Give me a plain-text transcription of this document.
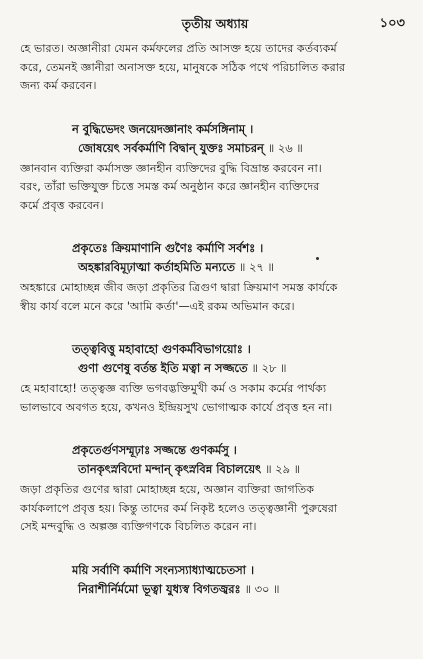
তৃতীয় অধ্যায়	১০৩
হে ভারত। অজ্ঞানীরা যেমন কর্মফলের প্রতি আসক্ত হয়ে তাদের কর্তব্যকর্ম
করে, তেমনই জ্ঞানীরা অনাসক্ত হয়ে, মানুষকে সঠিক পথে পরিচালিত করার
জন্য কর্ম করবেন।
ন বুদ্ধিভেদং জনয়েদজ্ঞানাং কর্মসঙ্গিনাম্ ।
জোষয়েৎ সর্বকর্মাণি বিদ্বান্ যুক্তঃ সমাচরন্ ॥ ২৬ ॥
জ্ঞানবান ব্যক্তিরা কর্মাসক্ত জ্ঞানহীন ব্যক্তিদের বুদ্ধি বিভ্রান্ত করবেন না।
বরং, তাঁরা ভক্তিযুক্ত চিত্তে সমস্ত কর্ম অনুষ্ঠান করে জ্ঞানহীন ব্যক্তিদের
কর্মে প্রবৃত্ত করবেন।
প্রকৃতেঃ ক্রিয়মাণানি গুণৈঃ কর্মাণি সর্বশঃ ।
অহঙ্কারবিমূঢ়াত্মা কর্তাহমিতি মন্যতে ॥ ২৭ ॥
অহঙ্কারে মোহাচ্ছন্ন জীব জড়া প্রকৃতির ত্রিগুণ দ্বারা ক্রিয়মাণ সমস্ত কার্যকে
স্বীয় কার্য বলে মনে করে 'আমি কর্তা'—এই রকম অভিমান করে।
তত্ত্ববিত্তু মহাবাহো গুণকর্মবিভাগয়োঃ ।
গুণা গুণেষু বর্তন্ত ইতি মত্বা ন সজ্জতে ॥ ২৮ ॥
হে মহাবাহো! তত্ত্বজ্ঞ ব্যক্তি ভগবদ্ভক্তিমুখী কর্ম ও সকাম কর্মের পার্থক্য
ভালভাবে অবগত হয়ে, কখনও ইন্দ্রিয়সুখ ভোগাত্মক কার্যে প্রবৃত্ত হন না।
প্রকৃতের্গুণসম্মূঢ়াঃ সজ্জন্তে গুণকর্মসু ।
তানকৃৎস্নবিদো মন্দান্ কৃৎস্নবিন্ন বিচালয়েৎ ॥ ২৯ ॥
জড়া প্রকৃতির গুণের দ্বারা মোহাচ্ছন্ন হয়ে, অজ্ঞান ব্যক্তিরা জাগতিক
কার্যকলাপে প্রবৃত্ত হয়। কিন্তু তাদের কর্ম নিকৃষ্ট হলেও তত্ত্বজ্ঞানী পুরুষেরা
সেই মন্দবুদ্ধি ও অল্পজ্ঞ ব্যক্তিগণকে বিচলিত করেন না।
ময়ি সর্বাণি কর্মাণি সংন্যস্যাধ্যাত্মচেতসা ।
নিরাশীর্নির্মমো ভূত্বা যুধ্যস্ব বিগতজ্বরঃ ॥ ৩০ ॥
